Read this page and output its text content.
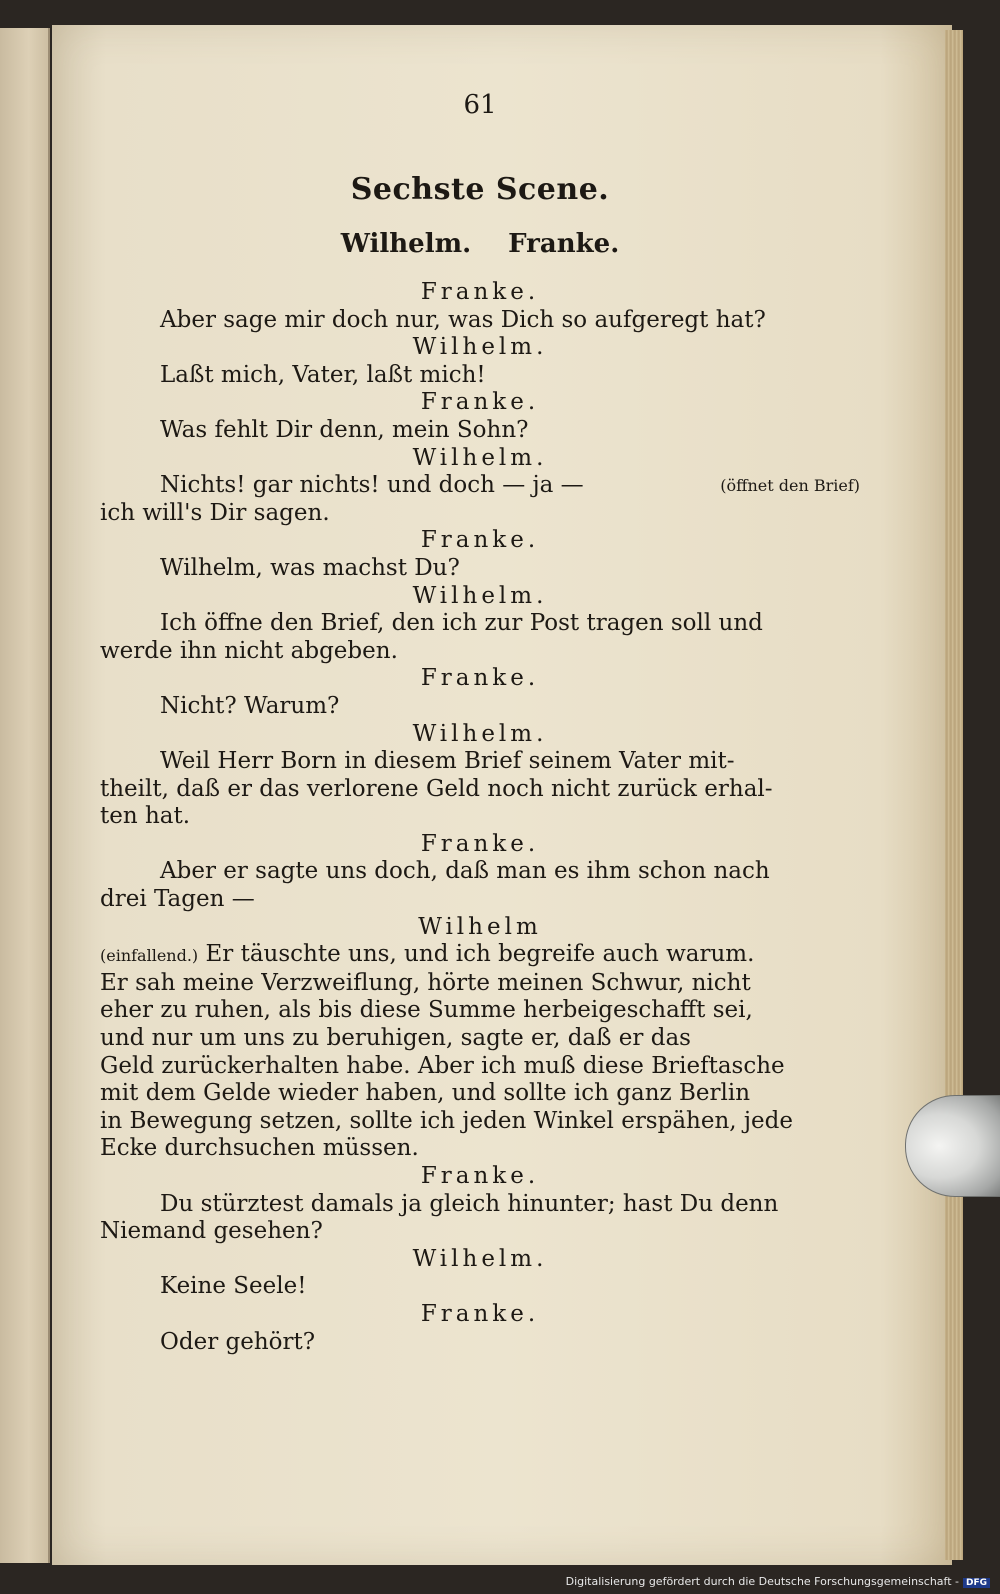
61
Sechste Scene.
Wilhelm. Franke.
Franke.
Aber sage mir doch nur, was Dich so aufgeregt hat?
Wilhelm.
Laßt mich, Vater, laßt mich!
Franke.
Was fehlt Dir denn, mein Sohn?
Wilhelm.
Nichts! gar nichts! und doch — ja —	(öffnet den Brief)
ich will's Dir sagen.
Franke.
Wilhelm, was machst Du?
Wilhelm.
Ich öffne den Brief, den ich zur Post tragen soll und
werde ihn nicht abgeben.
Franke.
Nicht? Warum?
Wilhelm.
Weil Herr Born in diesem Brief seinem Vater mit-
theilt, daß er das verlorene Geld noch nicht zurück erhal-
ten hat.
Franke.
Aber er sagte uns doch, daß man es ihm schon nach
drei Tagen —
Wilhelm
(einfallend.) Er täuschte uns, und ich begreife auch warum.
Er sah meine Verzweiflung, hörte meinen Schwur, nicht
eher zu ruhen, als bis diese Summe herbeigeschafft sei,
und nur um uns zu beruhigen, sagte er, daß er das
Geld zurückerhalten habe. Aber ich muß diese Brieftasche
mit dem Gelde wieder haben, und sollte ich ganz Berlin
in Bewegung setzen, sollte ich jeden Winkel erspähen, jede
Ecke durchsuchen müssen.
Franke.
Du stürztest damals ja gleich hinunter; hast Du denn
Niemand gesehen?
Wilhelm.
Keine Seele!
Franke.
Oder gehört?
Digitalisierung gefördert durch die Deutsche Forschungsgemeinschaft - DFG
